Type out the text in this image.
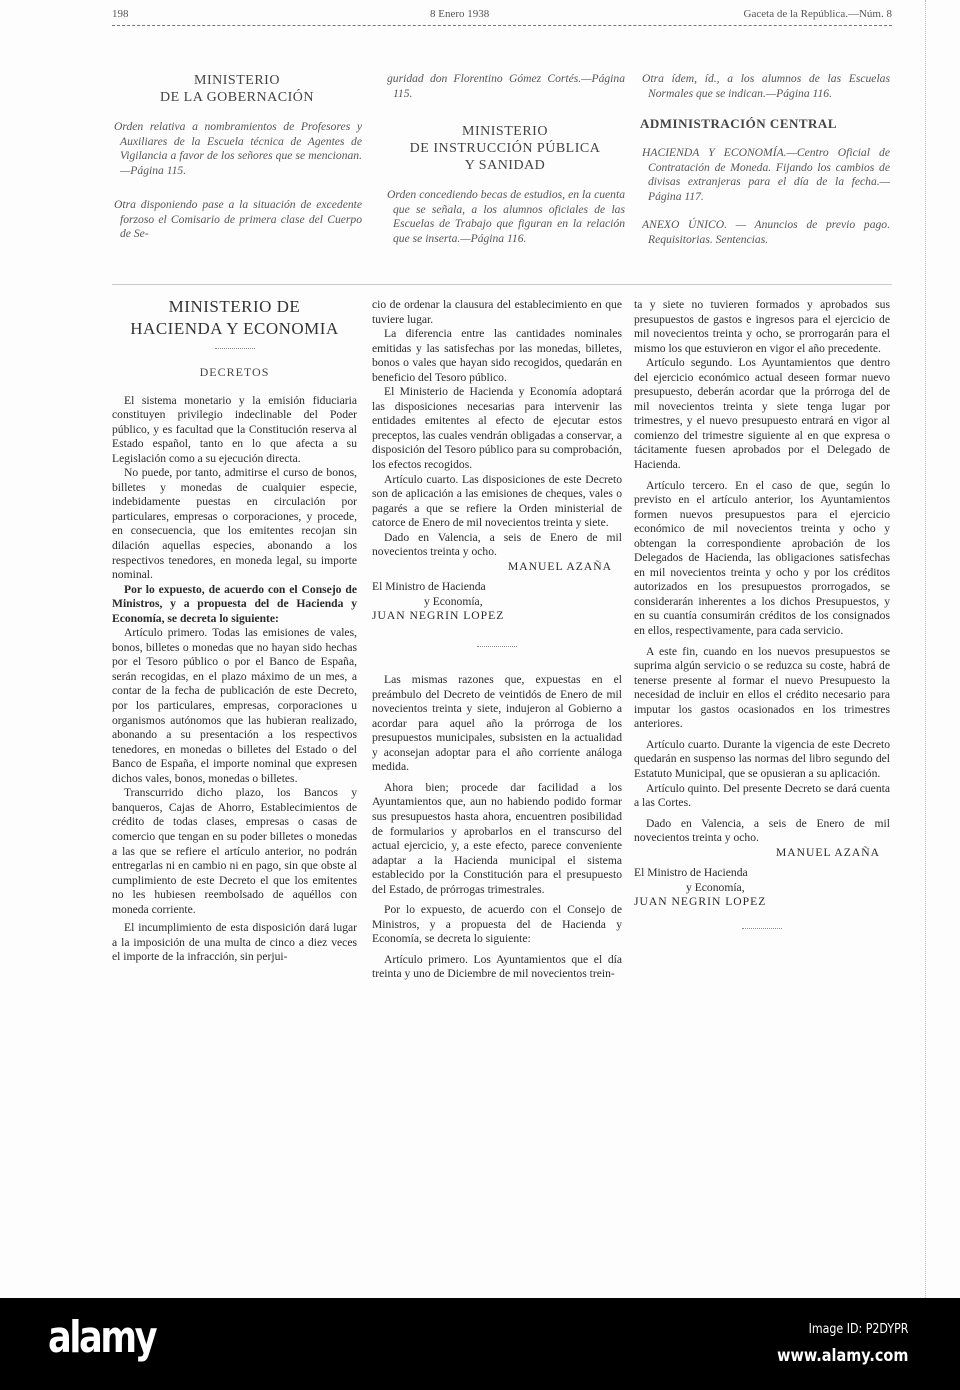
198	8 Enero 1938	Gaceta de la República.—Núm. 8
MINISTERIO
DE LA GOBERNACIÓN

Orden relativa a nombramientos de Profesores y Auxiliares de la Escuela técnica de Agentes de Vigilancia a favor de los señores que se mencionan.—Página 115.

Otra disponiendo pase a la situación de excedente forzoso el Comisario de primera clase del Cuerpo de Se-

guridad don Florentino Gómez Cortés.—Página 115.

MINISTERIO
DE INSTRUCCIÓN PÚBLICA
Y SANIDAD

Orden concediendo becas de estudios, en la cuenta que se señala, a los alumnos oficiales de las Escuelas de Trabajo que figuran en la relación que se inserta.—Página 116.

Otra ídem, íd., a los alumnos de las Escuelas Normales que se indican.—Página 116.

ADMINISTRACIÓN CENTRAL

HACIENDA Y ECONOMÍA.—Centro Oficial de Contratación de Moneda. Fijando los cambios de divisas extranjeras para el día de la fecha.—Página 117.

ANEXO ÚNICO. — Anuncios de previo pago. Requisitorias. Sentencias.

MINISTERIO DE
HACIENDA Y ECONOMIA
DECRETOS

El sistema monetario y la emisión fiduciaria constituyen privilegio indeclinable del Poder público, y es facultad que la Constitución reserva al Estado español, tanto en lo que afecta a su Legislación como a su ejecución directa.

No puede, por tanto, admitirse el curso de bonos, billetes y monedas de cualquier especie, indebidamente puestas en circulación por particulares, empresas o corporaciones, y procede, en consecuencia, que los emitentes recojan sin dilación aquellas especies, abonando a los respectivos tenedores, en moneda legal, su importe nominal.

Por lo expuesto, de acuerdo con el Consejo de Ministros, y a propuesta del de Hacienda y Economía, se decreta lo siguiente:

Artículo primero. Todas las emisiones de vales, bonos, billetes o monedas que no hayan sido hechas por el Tesoro público o por el Banco de España, serán recogidas, en el plazo máximo de un mes, a contar de la fecha de publicación de este Decreto, por los particulares, empresas, corporaciones u organismos autónomos que las hubieran realizado, abonando a su presentación a los respectivos tenedores, en monedas o billetes del Estado o del Banco de España, el importe nominal que expresen dichos vales, bonos, monedas o billetes.

Transcurrido dicho plazo, los Bancos y banqueros, Cajas de Ahorro, Establecimientos de crédito de todas clases, empresas o casas de comercio que tengan en su poder billetes o monedas a las que se refiere el artículo anterior, no podrán entregarlas ni en cambio ni en pago, sin que obste al cumplimiento de este Decreto el que los emitentes no les hubiesen reembolsado de aquéllos con moneda corriente.

El incumplimiento de esta disposición dará lugar a la imposición de una multa de cinco a diez veces el importe de la infracción, sin perjui-

cio de ordenar la clausura del establecimiento en que tuviere lugar.

La diferencia entre las cantidades nominales emitidas y las satisfechas por las monedas, billetes, bonos o vales que hayan sido recogidos, quedarán en beneficio del Tesoro público.

El Ministerio de Hacienda y Economía adoptará las disposiciones necesarias para intervenir las entidades emitentes al efecto de ejecutar estos preceptos, las cuales vendrán obligadas a conservar, a disposición del Tesoro público para su comprobación, los efectos recogidos.

Artículo cuarto. Las disposiciones de este Decreto son de aplicación a las emisiones de cheques, vales o pagarés a que se refiere la Orden ministerial de catorce de Enero de mil novecientos treinta y siete.

Dado en Valencia, a seis de Enero de mil novecientos treinta y ocho.

MANUEL AZAÑA
El Ministro de Hacienda
y Economía,
JUAN NEGRIN LOPEZ

Las mismas razones que, expuestas en el preámbulo del Decreto de veintidós de Enero de mil novecientos treinta y siete, indujeron al Gobierno a acordar para aquel año la prórroga de los presupuestos municipales, subsisten en la actualidad y aconsejan adoptar para el año corriente análoga medida.

Ahora bien; procede dar facilidad a los Ayuntamientos que, aun no habiendo podido formar sus presupuestos hasta ahora, encuentren posibilidad de formularios y aprobarlos en el transcurso del actual ejercicio, y, a este efecto, parece conveniente adaptar a la Hacienda municipal el sistema establecido por la Constitución para el presupuesto del Estado, de prórrogas trimestrales.

Por lo expuesto, de acuerdo con el Consejo de Ministros, y a propuesta del de Hacienda y Economía, se decreta lo siguiente:

Artículo primero. Los Ayuntamientos que el día treinta y uno de Diciembre de mil novecientos trein-

ta y siete no tuvieren formados y aprobados sus presupuestos de gastos e ingresos para el ejercicio de mil novecientos treinta y ocho, se prorrogarán para el mismo los que estuvieron en vigor el año precedente.

Artículo segundo. Los Ayuntamientos que dentro del ejercicio económico actual deseen formar nuevo presupuesto, deberán acordar que la prórroga del de mil novecientos treinta y siete tenga lugar por trimestres, y el nuevo presupuesto entrará en vigor al comienzo del trimestre siguiente al en que expresa o tácitamente fuesen aprobados por el Delegado de Hacienda.

Artículo tercero. En el caso de que, según lo previsto en el artículo anterior, los Ayuntamientos formen nuevos presupuestos para el ejercicio económico de mil novecientos treinta y ocho y obtengan la correspondiente aprobación de los Delegados de Hacienda, las obligaciones satisfechas en mil novecientos treinta y ocho y por los créditos autorizados en los presupuestos prorrogados, se considerarán inherentes a los dichos Presupuestos, y en su cuantía consumirán créditos de los consignados en ellos, respectivamente, para cada servicio.

A este fin, cuando en los nuevos presupuestos se suprima algún servicio o se reduzca su coste, habrá de tenerse presente al formar el nuevo Presupuesto la necesidad de incluir en ellos el crédito necesario para imputar los gastos ocasionados en los trimestres anteriores.

Artículo cuarto. Durante la vigencia de este Decreto quedarán en suspenso las normas del libro segundo del Estatuto Municipal, que se opusieran a su aplicación.

Artículo quinto. Del presente Decreto se dará cuenta a las Cortes.

Dado en Valencia, a seis de Enero de mil novecientos treinta y ocho.

MANUEL AZAÑA
El Ministro de Hacienda
y Economía,
JUAN NEGRIN LOPEZ
alamy	Image ID: P2DYPR
www.alamy.com
